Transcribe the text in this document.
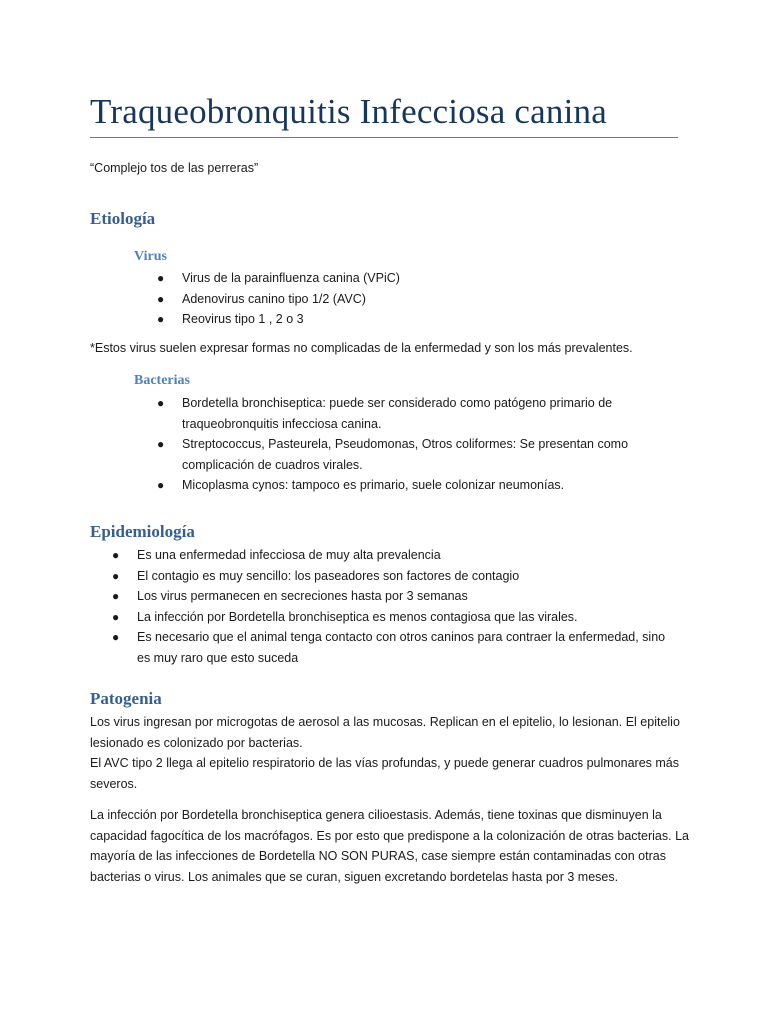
Traqueobronquitis Infecciosa canina

“Complejo tos de las perreras”

Etiología
Virus
●	Virus de la parainfluenza canina (VPiC)
●	Adenovirus canino tipo 1/2 (AVC)
●	Reovirus tipo 1 , 2 o 3

*Estos virus suelen expresar formas no complicadas de la enfermedad y son los más prevalentes.

Bacterias
●	Bordetella bronchiseptica: puede ser considerado como patógeno primario de traqueobronquitis infecciosa canina.
●	Streptococcus, Pasteurela, Pseudomonas, Otros coliformes: Se presentan como complicación de cuadros virales.
●	Micoplasma cynos: tampoco es primario, suele colonizar neumonías.
Epidemiología
●	Es una enfermedad infecciosa de muy alta prevalencia
●	El contagio es muy sencillo: los paseadores son factores de contagio
●	Los virus permanecen en secreciones hasta por 3 semanas
●	La infección por Bordetella bronchiseptica es menos contagiosa que las virales.
●	Es necesario que el animal tenga contacto con otros caninos para contraer la enfermedad, sino es muy raro que esto suceda
Patogenia

Los virus ingresan por microgotas de aerosol a las mucosas. Replican en el epitelio, lo lesionan. El epitelio lesionado es colonizado por bacterias.

El AVC tipo 2 llega al epitelio respiratorio de las vías profundas, y puede generar cuadros pulmonares más severos.

La infección por Bordetella bronchiseptica genera cilioestasis. Además, tiene toxinas que disminuyen la capacidad fagocítica de los macrófagos. Es por esto que predispone a la colonización de otras bacterias. La mayoría de las infecciones de Bordetella NO SON PURAS, case siempre están contaminadas con otras bacterias o virus. Los animales que se curan, siguen excretando bordetelas hasta por 3 meses.
